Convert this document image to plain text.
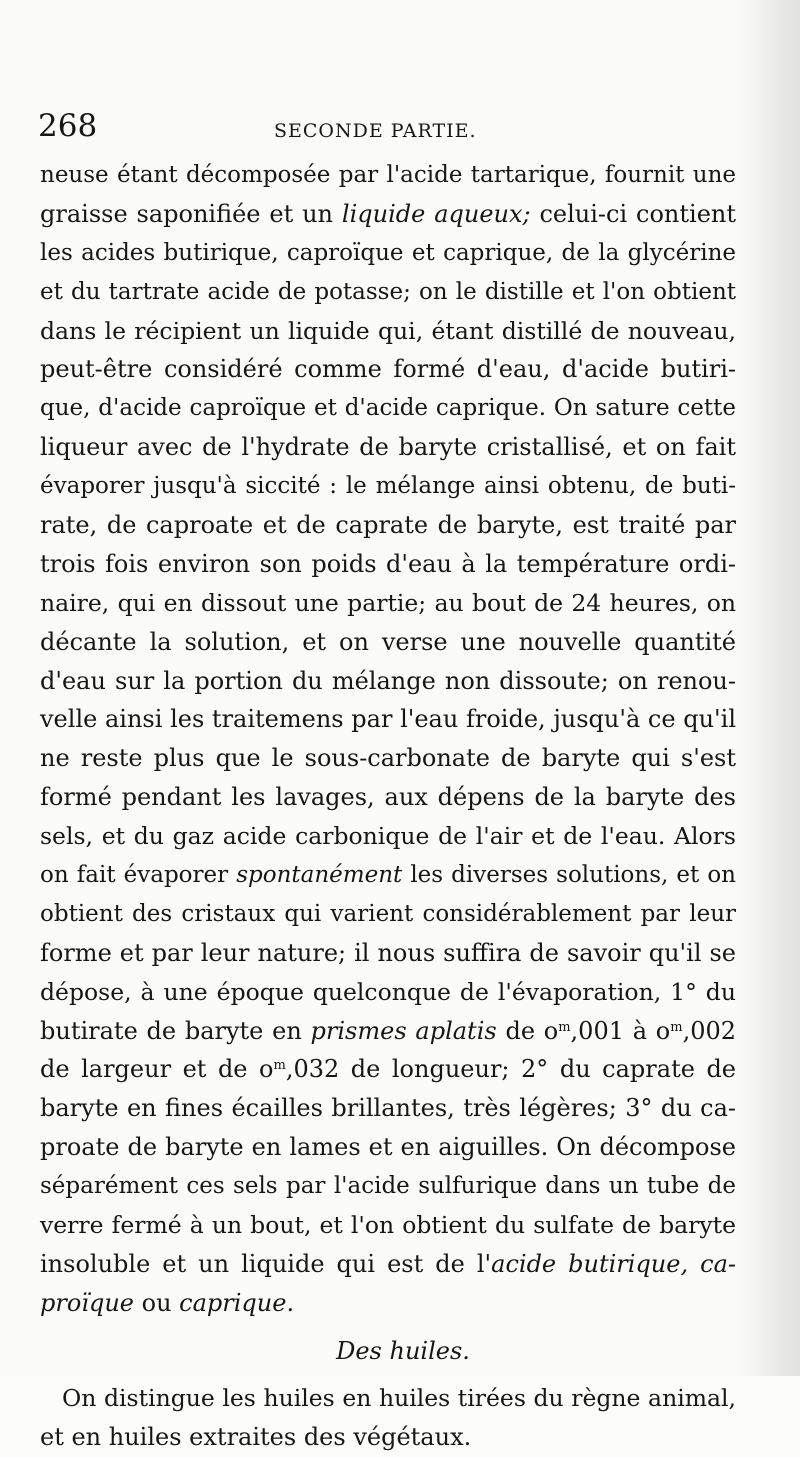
268	SECONDE PARTIE.
neuse étant décomposée par l'acide tartarique, fournit une
graisse saponifiée et un liquide aqueux; celui-ci contient
les acides butirique, caproïque et caprique, de la glycérine
et du tartrate acide de potasse; on le distille et l'on obtient
dans le récipient un liquide qui, étant distillé de nouveau,
peut-être considéré comme formé d'eau, d'acide butiri-
que, d'acide caproïque et d'acide caprique. On sature cette
liqueur avec de l'hydrate de baryte cristallisé, et on fait
évaporer jusqu'à siccité : le mélange ainsi obtenu, de buti-
rate, de caproate et de caprate de baryte, est traité par
trois fois environ son poids d'eau à la température ordi-
naire, qui en dissout une partie; au bout de 24 heures, on
décante la solution, et on verse une nouvelle quantité
d'eau sur la portion du mélange non dissoute; on renou-
velle ainsi les traitemens par l'eau froide, jusqu'à ce qu'il
ne reste plus que le sous-carbonate de baryte qui s'est
formé pendant les lavages, aux dépens de la baryte des
sels, et du gaz acide carbonique de l'air et de l'eau. Alors
on fait évaporer spontanément les diverses solutions, et on
obtient des cristaux qui varient considérablement par leur
forme et par leur nature; il nous suffira de savoir qu'il se
dépose, à une époque quelconque de l'évaporation, 1° du
butirate de baryte en prismes aplatis de $o^m,001$ à $o^m,002$
de largeur et de $o^m,032$ de longueur; 2° du caprate de
baryte en fines écailles brillantes, très légères; 3° du ca-
proate de baryte en lames et en aiguilles. On décompose
séparément ces sels par l'acide sulfurique dans un tube de
verre fermé à un bout, et l'on obtient du sulfate de baryte
insoluble et un liquide qui est de l'acide butirique, ca-
proïque ou caprique.
Des huiles.
On distingue les huiles en huiles tirées du règne animal,
et en huiles extraites des végétaux.
